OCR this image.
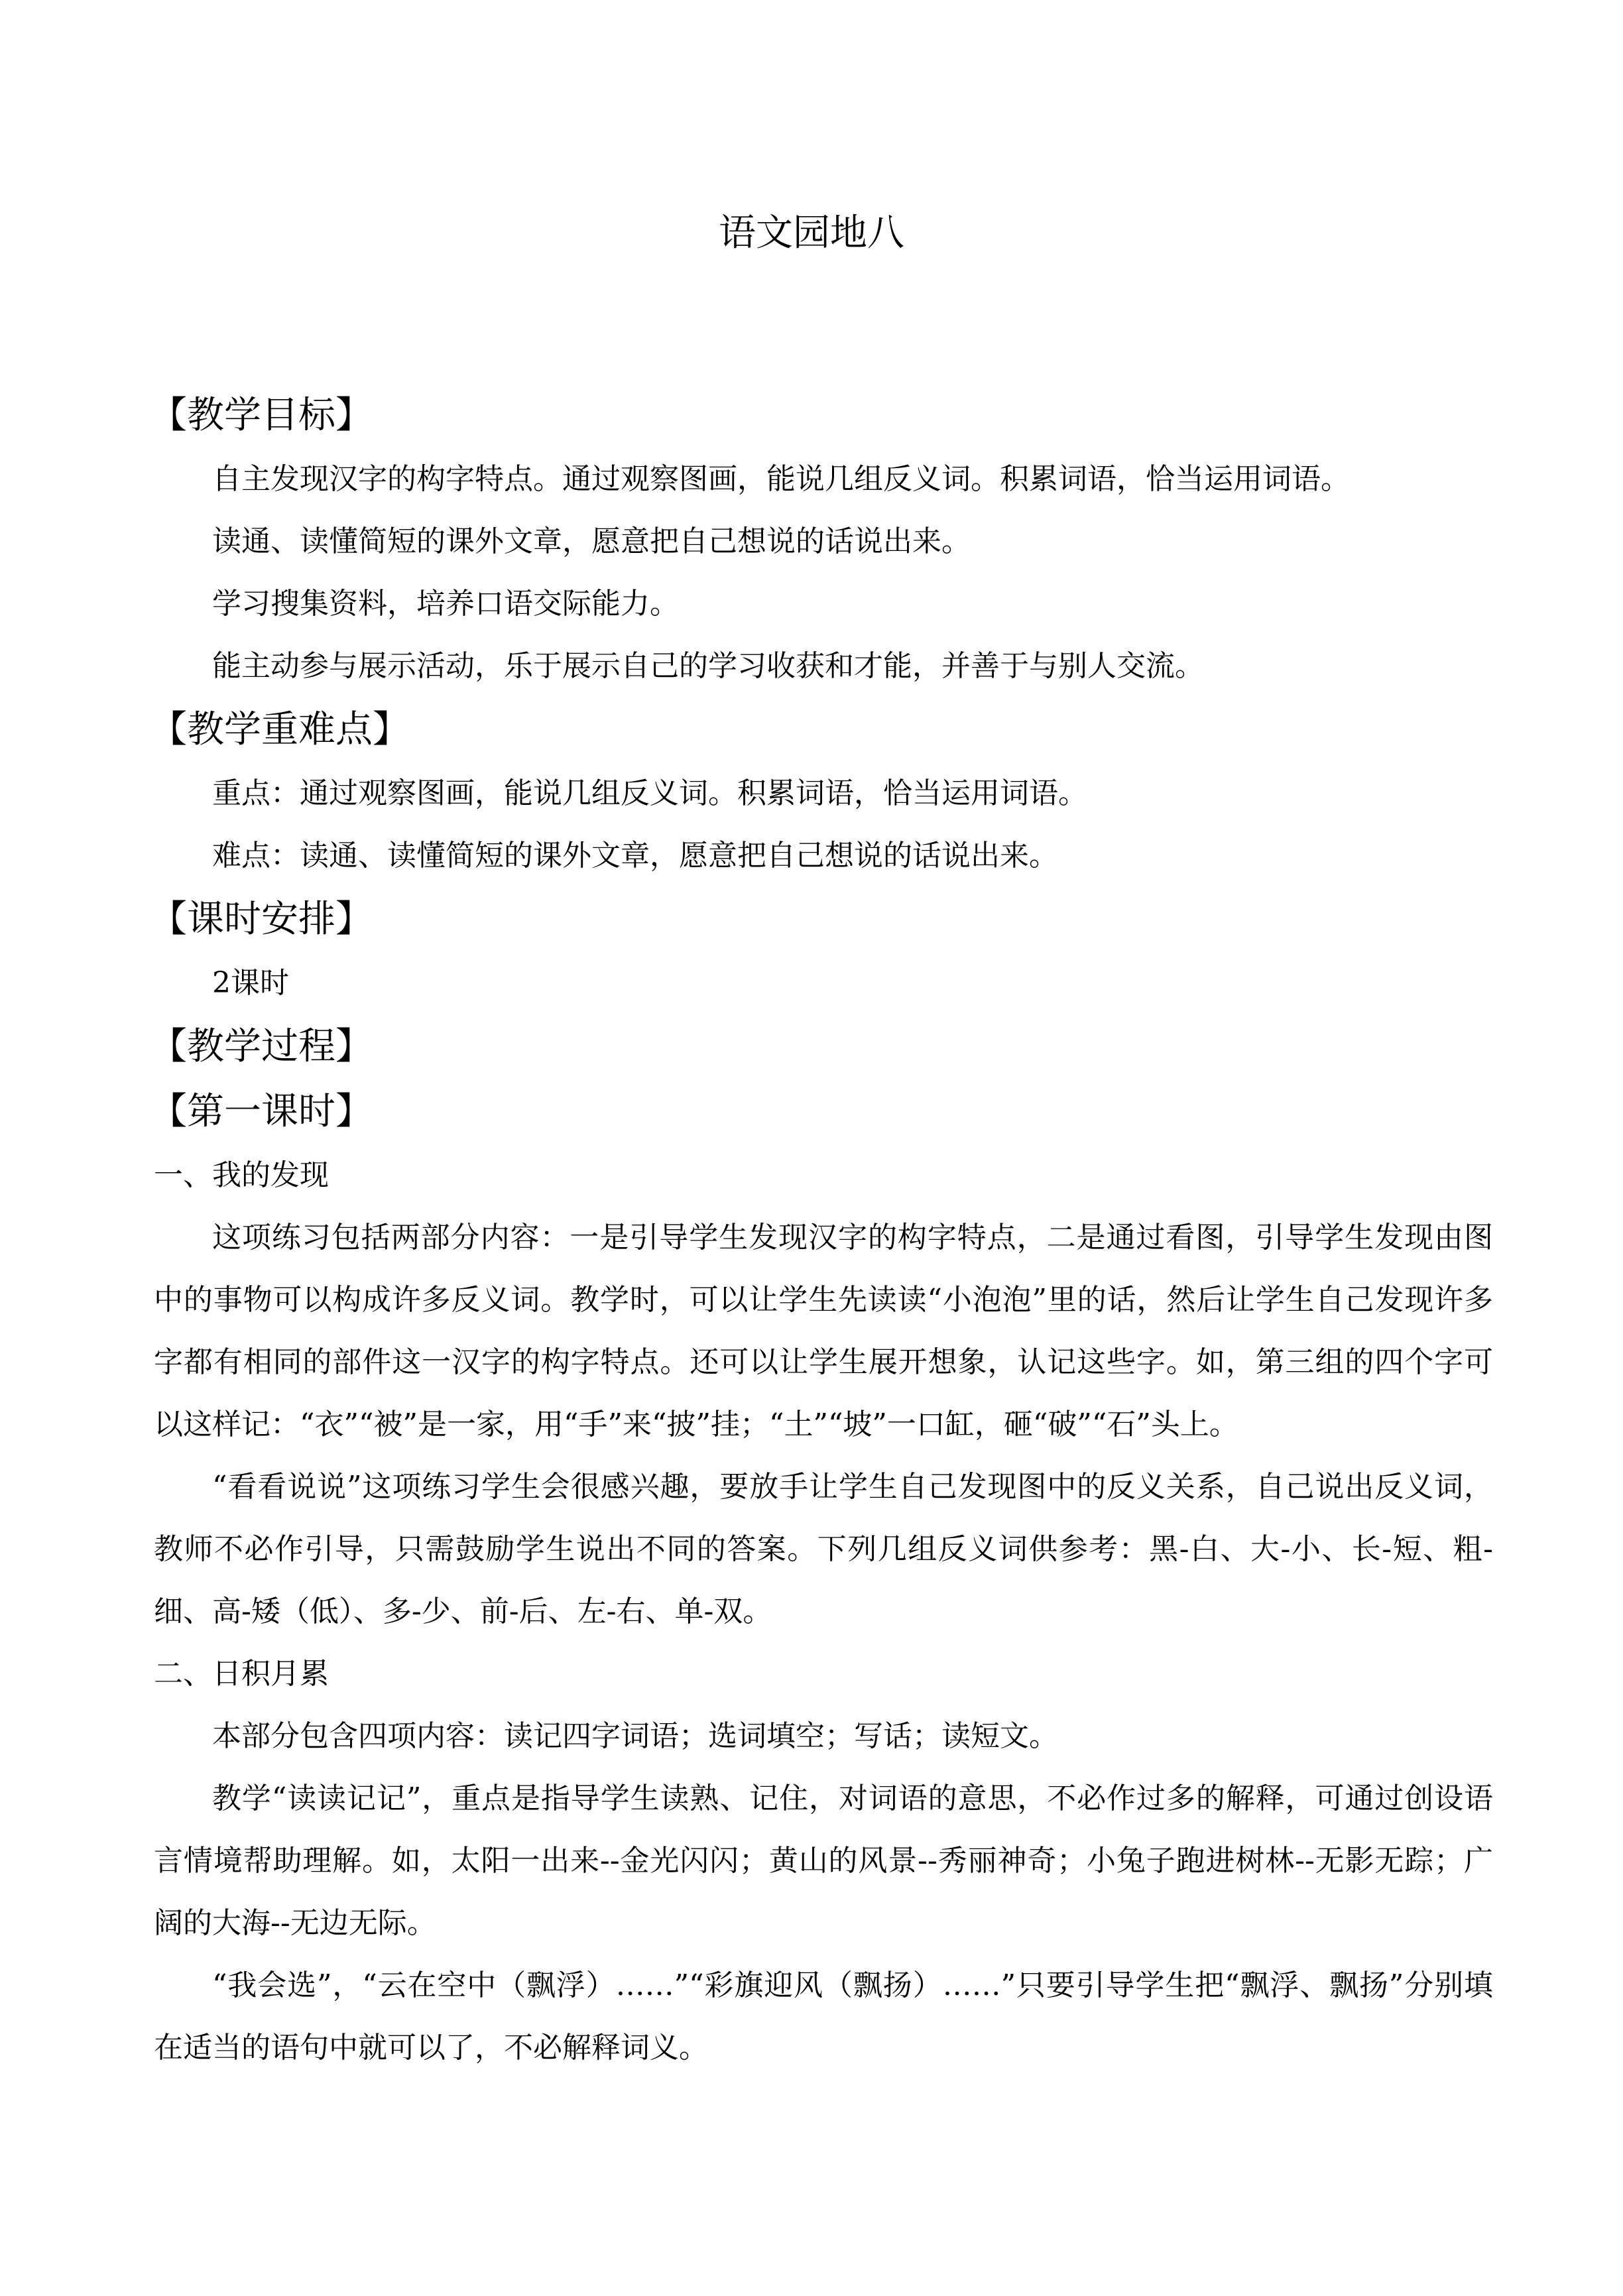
语文园地八
【教学目标】

自主发现汉字的构字特点。通过观察图画，能说几组反义词。积累词语，恰当运用词语。

读通、读懂简短的课外文章，愿意把自己想说的话说出来。

学习搜集资料，培养口语交际能力。

能主动参与展示活动，乐于展示自己的学习收获和才能，并善于与别人交流。

【教学重难点】

重点：通过观察图画，能说几组反义词。积累词语，恰当运用词语。

难点：读通、读懂简短的课外文章，愿意把自己想说的话说出来。

【课时安排】

2课时

【教学过程】
【第一课时】
一、我的发现

这项练习包括两部分内容：一是引导学生发现汉字的构字特点，二是通过看图，引导学生发现由图中的事物可以构成许多反义词。教学时，可以让学生先读读“小泡泡”里的话，然后让学生自己发现许多字都有相同的部件这一汉字的构字特点。还可以让学生展开想象，认记这些字。如，第三组的四个字可以这样记：“衣”“被”是一家，用“手”来“披”挂；“土”“坡”一口缸，砸“破”“石”头上。

“看看说说”这项练习学生会很感兴趣，要放手让学生自己发现图中的反义关系，自己说出反义词，教师不必作引导，只需鼓励学生说出不同的答案。下列几组反义词供参考：黑-白、大-小、长-短、粗-细、高-矮（低）、多-少、前-后、左-右、单-双。

二、日积月累

本部分包含四项内容：读记四字词语；选词填空；写话；读短文。

教学“读读记记”，重点是指导学生读熟、记住，对词语的意思，不必作过多的解释，可通过创设语言情境帮助理解。如，太阳一出来--金光闪闪；黄山的风景--秀丽神奇；小兔子跑进树林--无影无踪；广阔的大海--无边无际。

“我会选”，“云在空中（飘浮）……”“彩旗迎风（飘扬）……”只要引导学生把“飘浮、飘扬”分别填在适当的语句中就可以了，不必解释词义。
